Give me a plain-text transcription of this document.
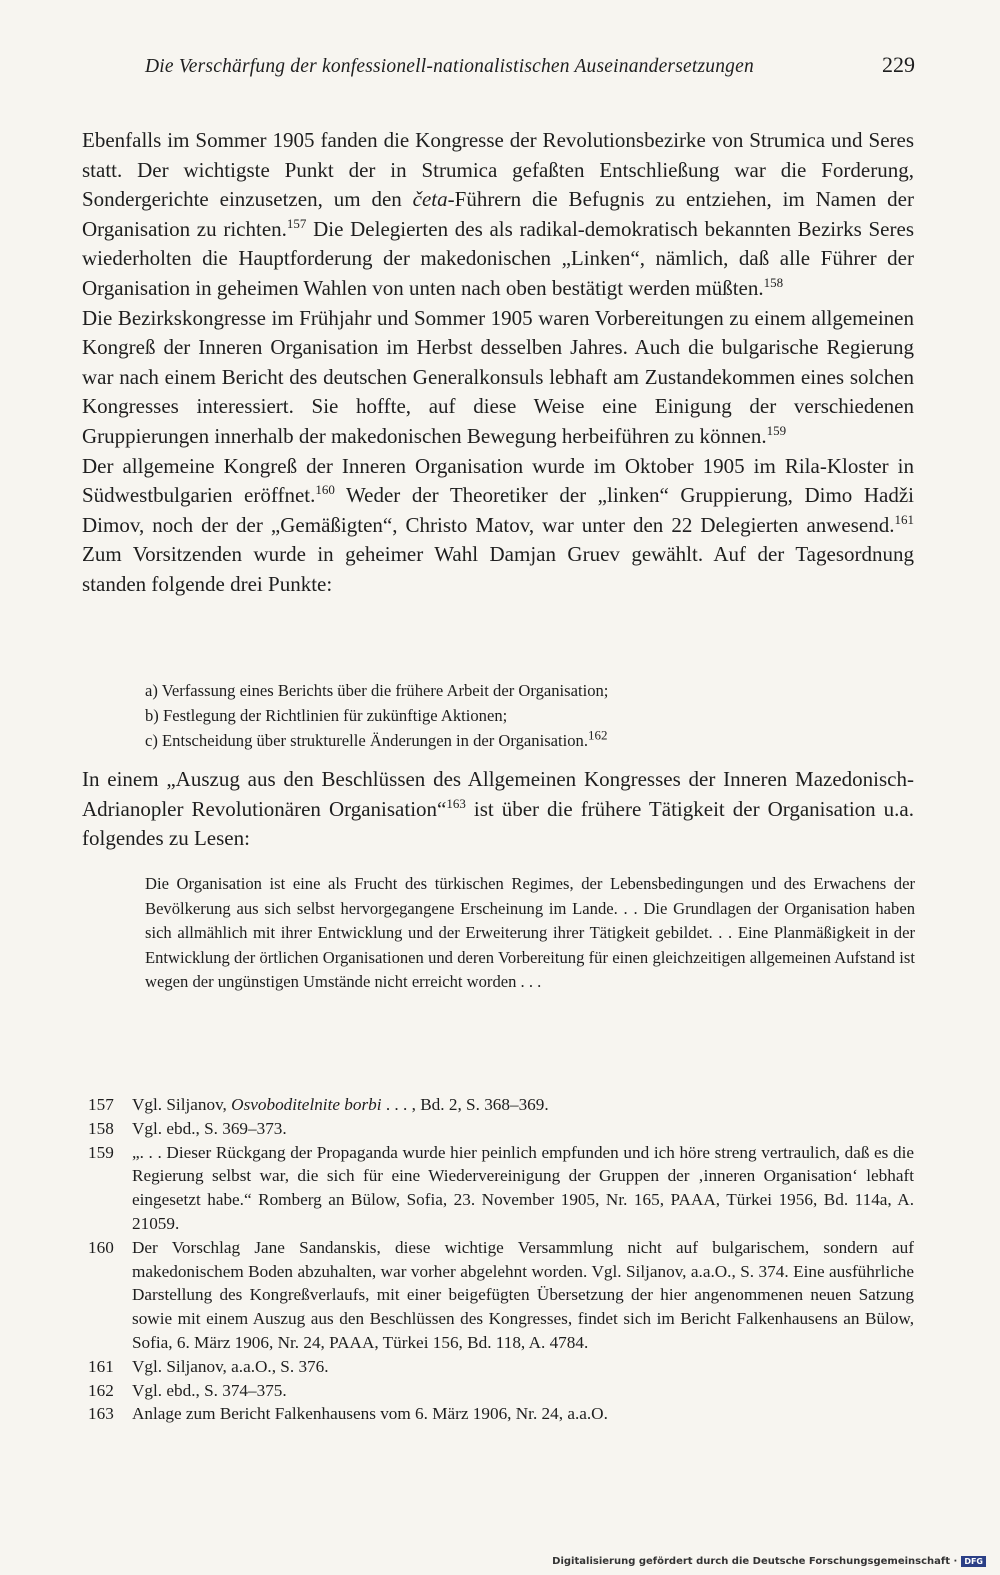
Die Verschärfung der konfessionell-nationalistischen Auseinandersetzungen	229

Ebenfalls im Sommer 1905 fanden die Kongresse der Revolutionsbezirke von Strumica und Seres statt. Der wichtigste Punkt der in Strumica gefaßten Entschließung war die Forderung, Sondergerichte einzusetzen, um den četa-Führern die Befugnis zu entziehen, im Namen der Organisation zu richten.$^{157}$ Die Delegierten des als radikal-demokratisch bekannten Bezirks Seres wiederholten die Hauptforderung der makedonischen „Linken“, nämlich, daß alle Führer der Organisation in geheimen Wahlen von unten nach oben bestätigt werden müßten.$^{158}$

Die Bezirkskongresse im Frühjahr und Sommer 1905 waren Vorbereitungen zu einem allgemeinen Kongreß der Inneren Organisation im Herbst desselben Jahres. Auch die bulgarische Regierung war nach einem Bericht des deutschen Generalkonsuls lebhaft am Zustandekommen eines solchen Kongresses interessiert. Sie hoffte, auf diese Weise eine Einigung der verschiedenen Gruppierungen innerhalb der makedonischen Bewegung herbeiführen zu können.$^{159}$

Der allgemeine Kongreß der Inneren Organisation wurde im Oktober 1905 im Rila-Kloster in Südwestbulgarien eröffnet.$^{160}$ Weder der Theoretiker der „linken“ Gruppierung, Dimo Hadži Dimov, noch der der „Gemäßigten“, Christo Matov, war unter den 22 Delegierten anwesend.$^{161}$ Zum Vorsitzenden wurde in geheimer Wahl Damjan Gruev gewählt. Auf der Tagesordnung standen folgende drei Punkte:

a) Verfassung eines Berichts über die frühere Arbeit der Organisation;
b) Festlegung der Richtlinien für zukünftige Aktionen;
c) Entscheidung über strukturelle Änderungen in der Organisation.$^{162}$
In einem „Auszug aus den Beschlüssen des Allgemeinen Kongresses der Inneren Mazedonisch-Adrianopler Revolutionären Organisation“$^{163}$ ist über die frühere Tätigkeit der Organisation u.a. folgendes zu Lesen:

Die Organisation ist eine als Frucht des türkischen Regimes, der Lebensbedingungen und des Erwachens der Bevölkerung aus sich selbst hervorgegangene Erscheinung im Lande. . . Die Grundlagen der Organisation haben sich allmählich mit ihrer Entwicklung und der Erweiterung ihrer Tätigkeit gebildet. . . Eine Planmäßigkeit in der Entwicklung der örtlichen Organisationen und deren Vorbereitung für einen gleichzeitigen allgemeinen Aufstand ist wegen der ungünstigen Umstände nicht erreicht worden . . .

157	Vgl. Siljanov, Osvoboditelnite borbi . . . , Bd. 2, S. 368–369.
158	Vgl. ebd., S. 369–373.
159	„. . . Dieser Rückgang der Propaganda wurde hier peinlich empfunden und ich höre streng vertraulich, daß es die Regierung selbst war, die sich für eine Wiedervereinigung der Gruppen der ‚inneren Organisation‘ lebhaft eingesetzt habe.“ Romberg an Bülow, Sofia, 23. November 1905, Nr. 165, PAAA, Türkei 1956, Bd. 114a, A. 21059.
160	Der Vorschlag Jane Sandanskis, diese wichtige Versammlung nicht auf bulgarischem, sondern auf makedonischem Boden abzuhalten, war vorher abgelehnt worden. Vgl. Siljanov, a.a.O., S. 374. Eine ausführliche Darstellung des Kongreßverlaufs, mit einer beigefügten Übersetzung der hier angenommenen neuen Satzung sowie mit einem Auszug aus den Beschlüssen des Kongresses, findet sich im Bericht Falkenhausens an Bülow, Sofia, 6. März 1906, Nr. 24, PAAA, Türkei 156, Bd. 118, A. 4784.
161	Vgl. Siljanov, a.a.O., S. 376.
162	Vgl. ebd., S. 374–375.
163	Anlage zum Bericht Falkenhausens vom 6. März 1906, Nr. 24, a.a.O.
Digitalisierung gefördert durch die Deutsche Forschungsgemeinschaft · DFG
